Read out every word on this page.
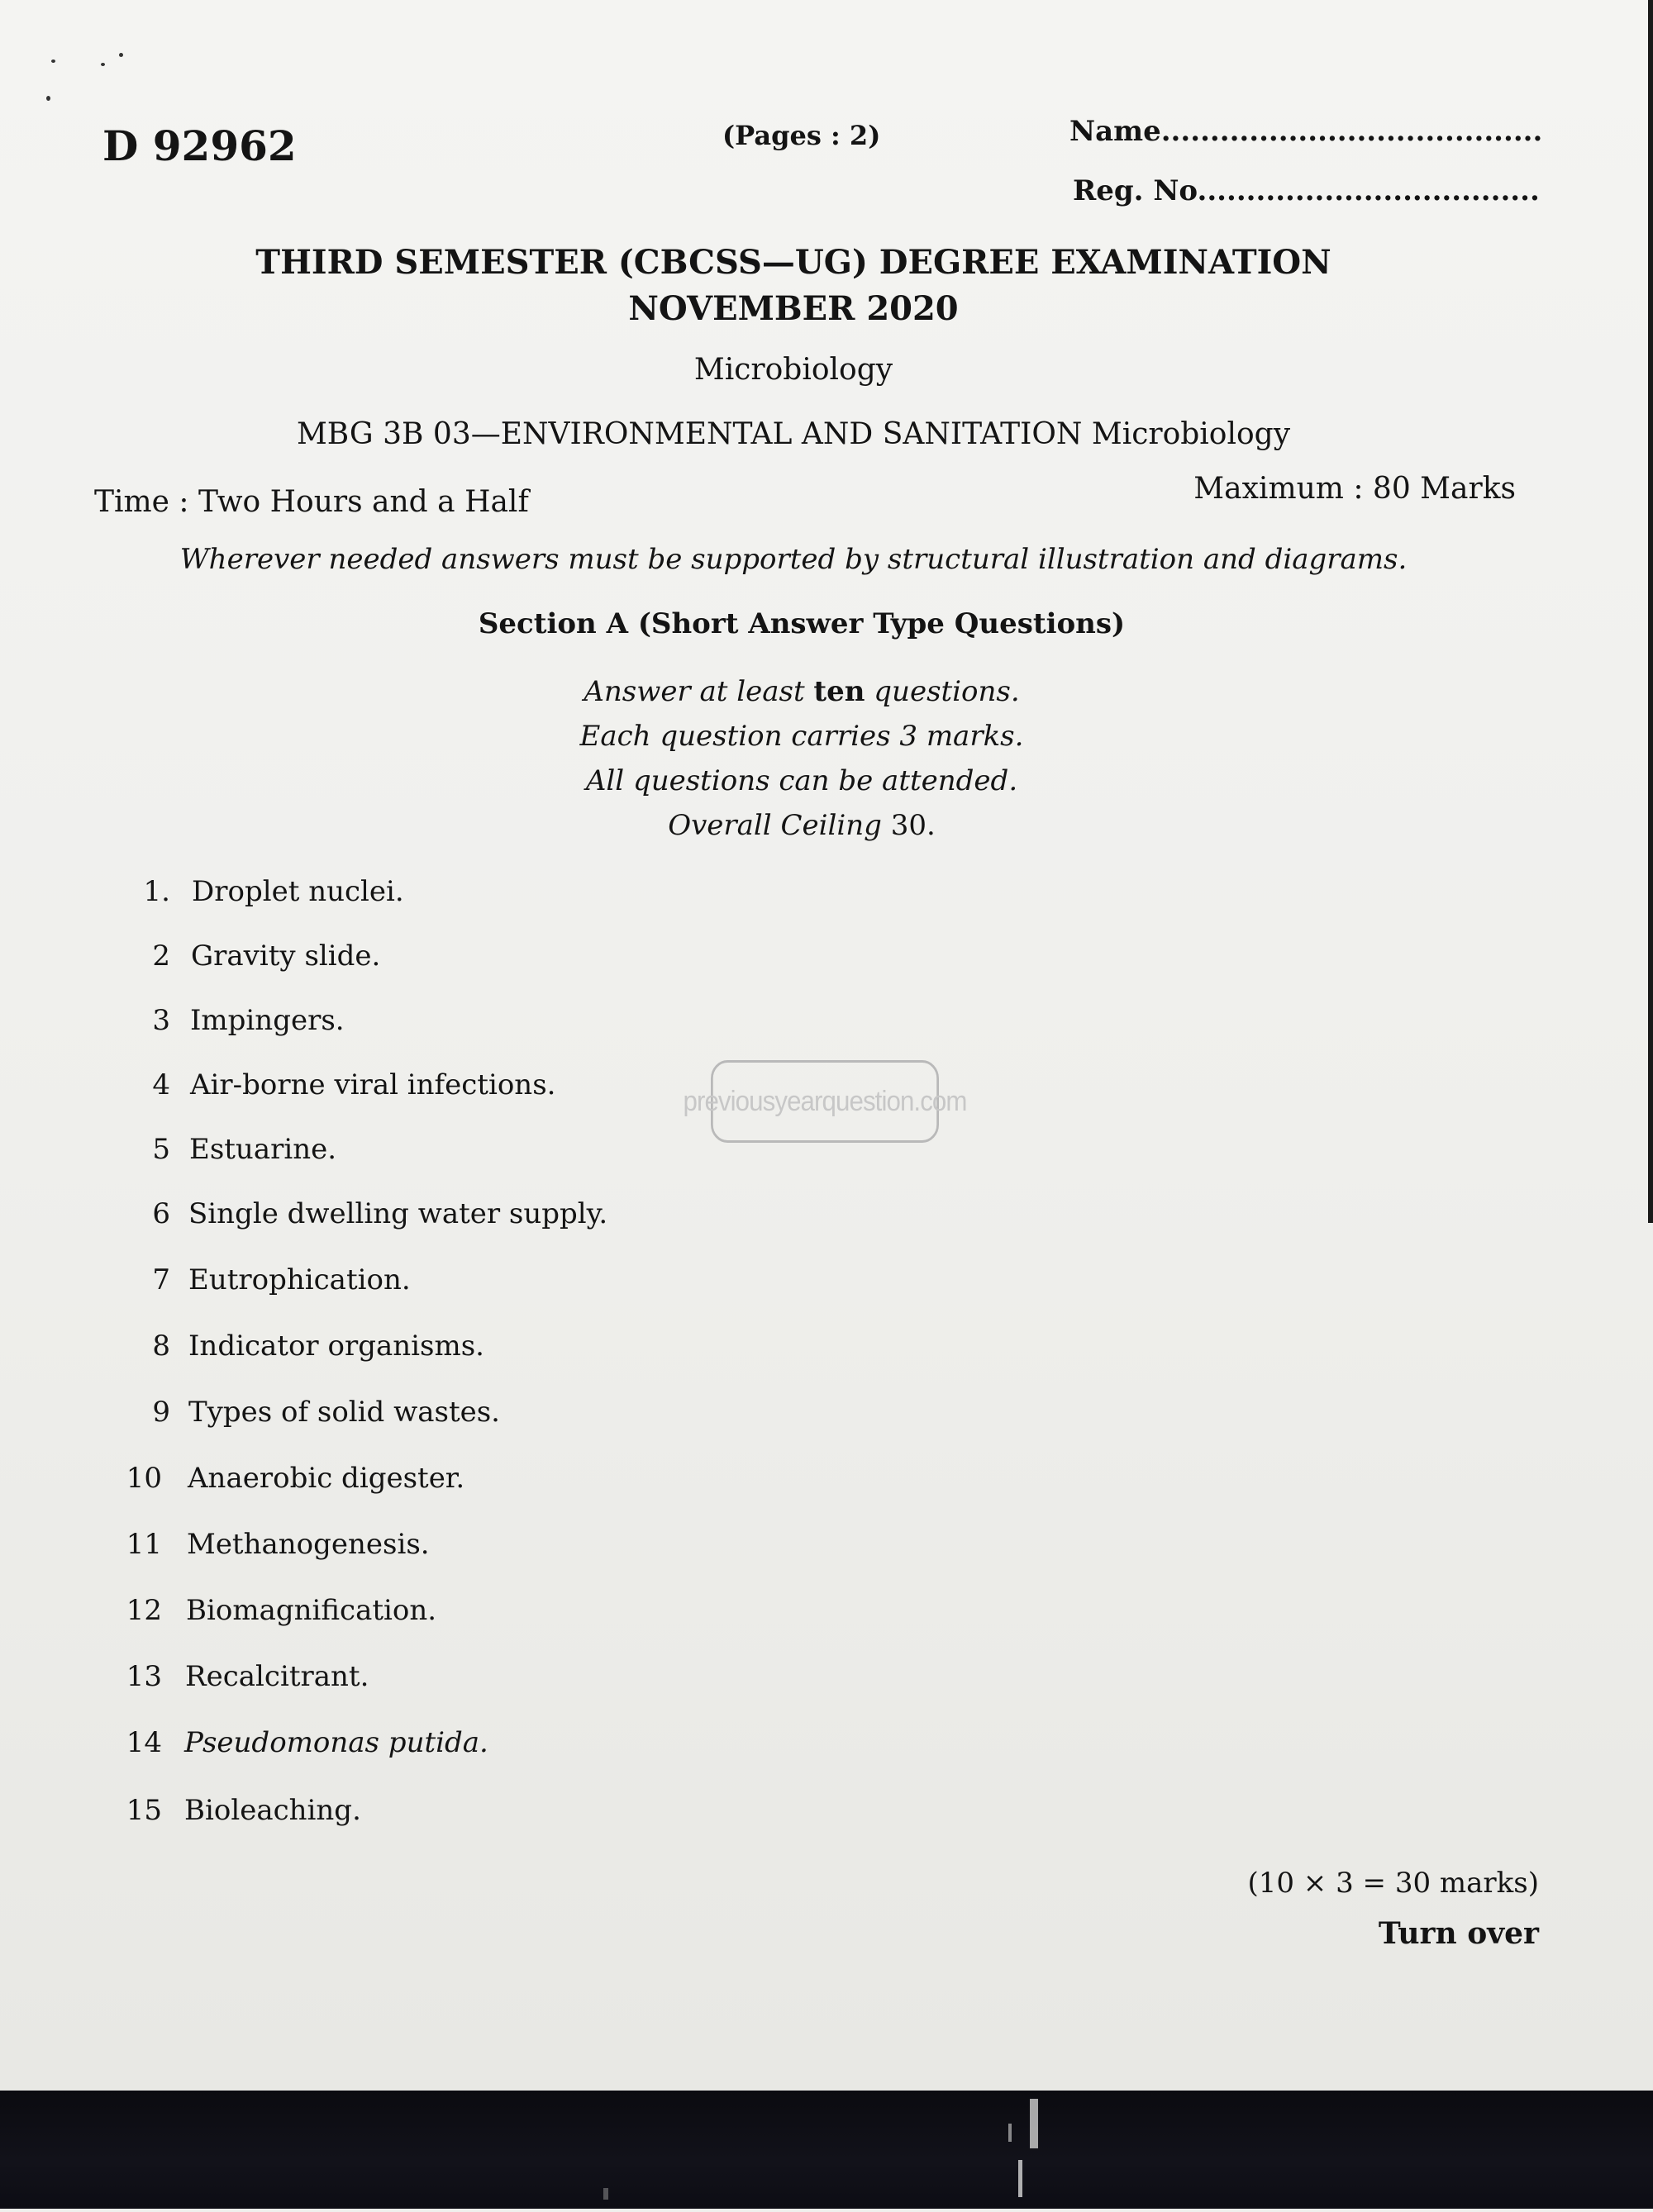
D 92962	(Pages : 2)	Name.......................................
Reg. No...................................
THIRD SEMESTER (CBCSS—UG) DEGREE EXAMINATION
NOVEMBER 2020
Microbiology
MBG 3B 03—ENVIRONMENTAL AND SANITATION Microbiology
Time : Two Hours and a Half	Maximum : 80 Marks
Wherever needed answers must be supported by structural illustration and diagrams.
Section A (Short Answer Type Questions)
Answer at least ten questions.
Each question carries 3 marks.
All questions can be attended.
Overall Ceiling 30.
previousyearquestion.com
1. Droplet nuclei.
2 Gravity slide.
3 Impingers.
4 Air-borne viral infections.
5 Estuarine.
6 Single dwelling water supply.
7 Eutrophication.
8 Indicator organisms.
9 Types of solid wastes.
10 Anaerobic digester.
11 Methanogenesis.
12 Biomagnification.
13 Recalcitrant.
14 Pseudomonas putida.
15 Bioleaching.
(10 × 3 = 30 marks)
Turn over
